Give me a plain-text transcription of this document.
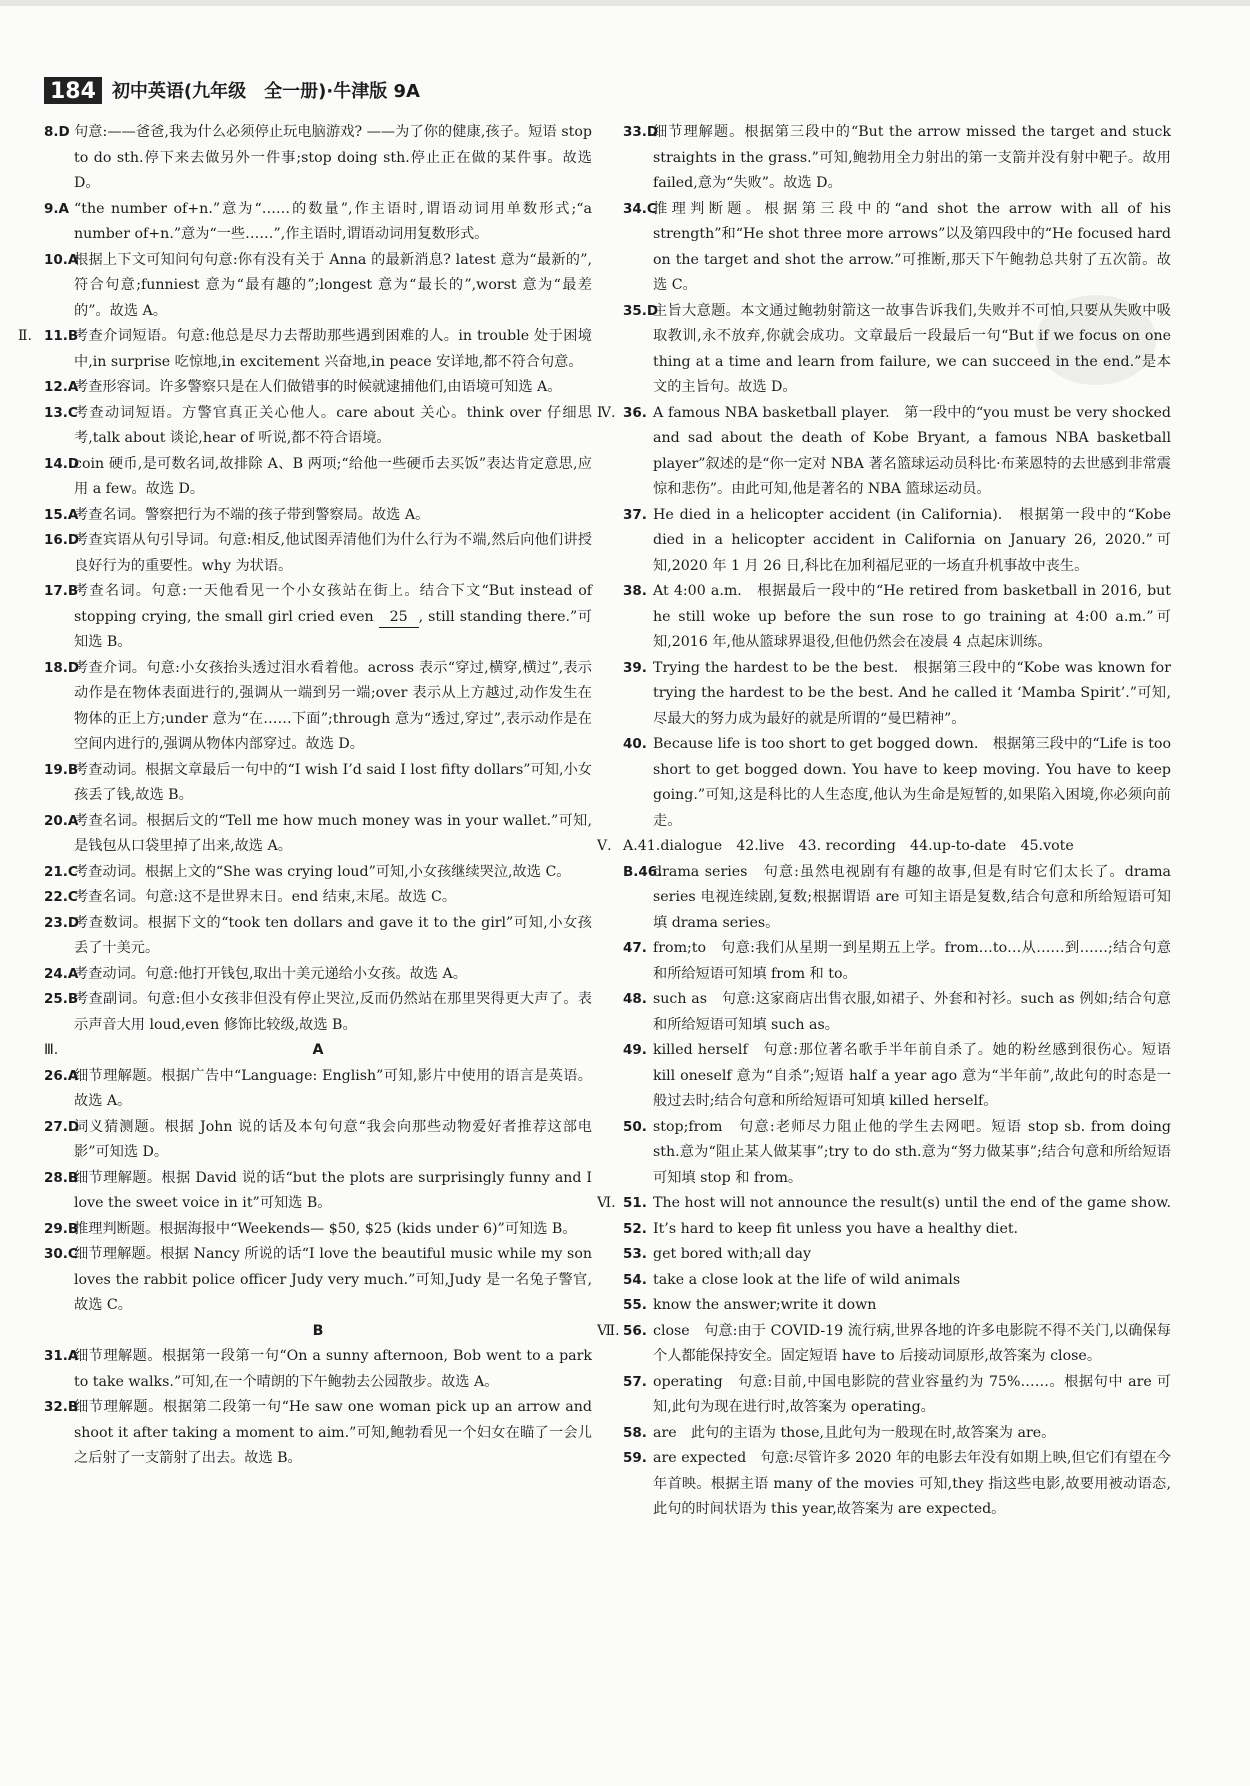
184 初中英语(九年级　全一册)·牛津版 9A
8.D 句意:——爸爸,我为什么必须停止玩电脑游戏? ——为了你的健康,孩子。短语 stop to do sth.停下来去做另外一件事;stop doing sth.停止正在做的某件事。故选 D。
9.A “the number of+n.”意为“……的数量”,作主语时,谓语动词用单数形式;“a number of+n.”意为“一些……”,作主语时,谓语动词用复数形式。
10.A
根据上下文可知问句句意:你有没有关于 Anna 的最新消息? latest 意为“最新的”,符合句意;funniest 意为“最有趣的”;longest 意为“最长的”,worst 意为“最差的”。故选 A。
Ⅱ. 11.B
考查介词短语。句意:他总是尽力去帮助那些遇到困难的人。in trouble 处于困境中,in surprise 吃惊地,in excitement 兴奋地,in peace 安详地,都不符合句意。
12.A
考查形容词。许多警察只是在人们做错事的时候就逮捕他们,由语境可知选 A。
13.C
考查动词短语。方警官真正关心他人。care about 关心。think over 仔细思考,talk about 谈论,hear of 听说,都不符合语境。
14.D
coin 硬币,是可数名词,故排除 A、B 两项;“给他一些硬币去买饭”表达肯定意思,应用 a few。故选 D。
15.A
考查名词。警察把行为不端的孩子带到警察局。故选 A。
16.D
考查宾语从句引导词。句意:相反,他试图弄清他们为什么行为不端,然后向他们讲授良好行为的重要性。why 为状语。
17.B
考查名词。句意:一天他看见一个小女孩站在街上。结合下文“But instead of stopping crying, the small girl cried even 25 , still standing there.”可知选 B。
18.D
考查介词。句意:小女孩抬头透过泪水看着他。across 表示“穿过,横穿,横过”,表示动作是在物体表面进行的,强调从一端到另一端;over 表示从上方越过,动作发生在物体的正上方;under 意为“在……下面”;through 意为“透过,穿过”,表示动作是在空间内进行的,强调从物体内部穿过。故选 D。
19.B
考查动词。根据文章最后一句中的“I wish I’d said I lost fifty dollars”可知,小女孩丢了钱,故选 B。
20.A
考查名词。根据后文的“Tell me how much money was in your wallet.”可知,是钱包从口袋里掉了出来,故选 A。
21.C
考查动词。根据上文的“She was crying loud”可知,小女孩继续哭泣,故选 C。
22.C
考查名词。句意:这不是世界末日。end 结束,末尾。故选 C。
23.D
考查数词。根据下文的“took ten dollars and gave it to the girl”可知,小女孩丢了十美元。
24.A
考查动词。句意:他打开钱包,取出十美元递给小女孩。故选 A。
25.B
考查副词。句意:但小女孩非但没有停止哭泣,反而仍然站在那里哭得更大声了。表示声音大用 loud,even 修饰比较级,故选 B。
Ⅲ.	A
26.A
细节理解题。根据广告中“Language: English”可知,影片中使用的语言是英语。故选 A。
27.D
词义猜测题。根据 John 说的话及本句句意“我会向那些动物爱好者推荐这部电影”可知选 D。
28.B
细节理解题。根据 David 说的话“but the plots are surprisingly funny and I love the sweet voice in it”可知选 B。
29.B
推理判断题。根据海报中“Weekends— $50, $25 (kids under 6)”可知选 B。
30.C
细节理解题。根据 Nancy 所说的话“I love the beautiful music while my son loves the rabbit police officer Judy very much.”可知,Judy 是一名兔子警官,故选 C。
B
31.A
细节理解题。根据第一段第一句“On a sunny afternoon, Bob went to a park to take walks.”可知,在一个晴朗的下午鲍勃去公园散步。故选 A。
32.B
细节理解题。根据第二段第一句“He saw one woman pick up an arrow and shoot it after taking a moment to aim.”可知,鲍勃看见一个妇女在瞄了一会儿之后射了一支箭射了出去。故选 B。
33.D
细节理解题。根据第三段中的“But the arrow missed the target and stuck straights in the grass.”可知,鲍勃用全力射出的第一支箭并没有射中靶子。故用 failed,意为“失败”。故选 D。
34.C
推理判断题。根据第三段中的“and shot the arrow with all of his strength”和“He shot three more arrows”以及第四段中的“He focused hard on the target and shot the arrow.”可推断,那天下午鲍勃总共射了五次箭。故选 C。
35.D
主旨大意题。本文通过鲍勃射箭这一故事告诉我们,失败并不可怕,只要从失败中吸取教训,永不放弃,你就会成功。文章最后一段最后一句“But if we focus on one thing at a time and learn from failure, we can succeed in the end.”是本文的主旨句。故选 D。
Ⅳ. 36. A famous NBA basketball player.　第一段中的“you must be very shocked and sad about the death of Kobe Bryant, a famous NBA basketball player”叙述的是“你一定对 NBA 著名篮球运动员科比·布莱恩特的去世感到非常震惊和悲伤”。由此可知,他是著名的 NBA 篮球运动员。
37. He died in a helicopter accident (in California).　根据第一段中的“Kobe died in a helicopter accident in California on January 26, 2020.”可知,2020 年 1 月 26 日,科比在加利福尼亚的一场直升机事故中丧生。
38. At 4:00 a.m.　根据最后一段中的“He retired from basketball in 2016, but he still woke up before the sun rose to go training at 4:00 a.m.”可知,2016 年,他从篮球界退役,但他仍然会在凌晨 4 点起床训练。
39. Trying the hardest to be the best.　根据第三段中的“Kobe was known for trying the hardest to be the best. And he called it ‘Mamba Spirit’.”可知,尽最大的努力成为最好的就是所谓的“曼巴精神”。
40. Because life is too short to get bogged down.　根据第三段中的“Life is too short to get bogged down. You have to keep moving. You have to keep going.”可知,这是科比的人生态度,他认为生命是短暂的,如果陷入困境,你必须向前走。
Ⅴ. A.41.dialogue　42.live　43. recording　44.up-to-date　45.vote
B.46.
drama series　句意:虽然电视剧有有趣的故事,但是有时它们太长了。drama series 电视连续剧,复数;根据谓语 are 可知主语是复数,结合句意和所给短语可知填 drama series。
47. from;to　句意:我们从星期一到星期五上学。from…to…从……到……;结合句意和所给短语可知填 from 和 to。
48. such as　句意:这家商店出售衣服,如裙子、外套和衬衫。such as 例如;结合句意和所给短语可知填 such as。
49. killed herself　句意:那位著名歌手半年前自杀了。她的粉丝感到很伤心。短语 kill oneself 意为“自杀”;短语 half a year ago 意为“半年前”,故此句的时态是一般过去时;结合句意和所给短语可知填 killed herself。
50. stop;from　句意:老师尽力阻止他的学生去网吧。短语 stop sb. from doing sth.意为“阻止某人做某事”;try to do sth.意为“努力做某事”;结合句意和所给短语可知填 stop 和 from。
Ⅵ. 51. The host will not announce the result(s) until the end of the game show.
52. It’s hard to keep fit unless you have a healthy diet.
53. get bored with;all day
54. take a close look at the life of wild animals
55. know the answer;write it down
Ⅶ. 56. close　句意:由于 COVID-19 流行病,世界各地的许多电影院不得不关门,以确保每个人都能保持安全。固定短语 have to 后接动词原形,故答案为 close。
57. operating　句意:目前,中国电影院的营业容量约为 75%……。根据句中 are 可知,此句为现在进行时,故答案为 operating。
58. are　此句的主语为 those,且此句为一般现在时,故答案为 are。
59. are expected　句意:尽管许多 2020 年的电影去年没有如期上映,但它们有望在今年首映。根据主语 many of the movies 可知,they 指这些电影,故要用被动语态,此句的时间状语为 this year,故答案为 are expected。
